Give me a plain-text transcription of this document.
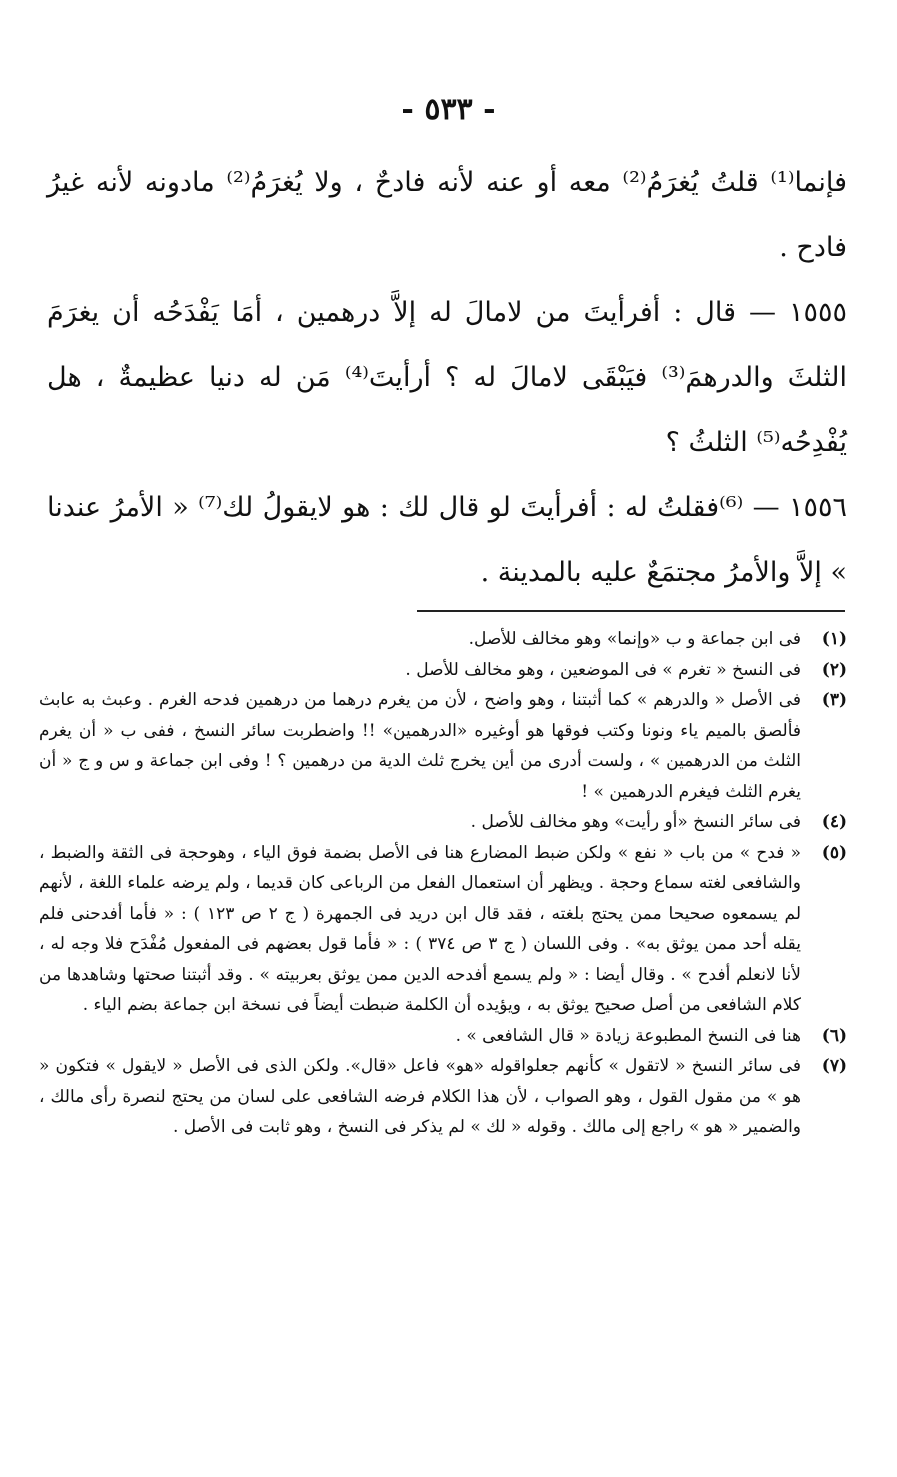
- ٥٣٣ -

فإنما⁽¹⁾ قلتُ يُغرَمُ⁽²⁾ معه أو عنه لأنه فادحٌ ، ولا يُغرَمُ⁽²⁾ مادونه لأنه غيرُ فادح .

١٥٥٥ — قال : أفرأيتَ من لامالَ له إلاَّ درهمين ، أمَا يَفْدَحُه أن يغرَمَ الثلثَ والدرهمَ⁽³⁾ فيَبْقَى لامالَ له ؟ أرأيتَ⁽⁴⁾ مَن له دنيا عظيمةٌ ، هل يُفْدِحُه⁽⁵⁾ الثلثُ ؟

١٥٥٦ — ⁽⁶⁾فقلتُ له : أفرأيتَ لو قال لك : هو لايقولُ لك⁽⁷⁾ « الأمرُ عندنا » إلاَّ والأمرُ مجتمَعٌ عليه بالمدينة .

(١)
فى ابن جماعة و ب «وإنما» وهو مخالف للأصل.
(٢)
فى النسخ « تغرم » فى الموضعين ، وهو مخالف للأصل .
(٣)
فى الأصل « والدرهم » كما أثبتنا ، وهو واضح ، لأن من يغرم درهما من درهمين فدحه الغرم . وعبث به عابث فألصق بالميم ياء ونونا وكتب فوقها هو أوغيره «الدرهمين» !! واضطربت سائر النسخ ، ففى ب « أن يغرم الثلث من الدرهمين » ، ولست أدرى من أين يخرج ثلث الدية من درهمين ؟ ! وفى ابن جماعة و س و ج « أن يغرم الثلث فيغرم الدرهمين » !
(٤)
فى سائر النسخ «أو رأيت» وهو مخالف للأصل .
(٥)
« فدح » من باب « نفع » ولكن ضبط المضارع هنا فى الأصل بضمة فوق الياء ، وهوحجة فى الثقة والضبط ، والشافعى لغته سماع وحجة . ويظهر أن استعمال الفعل من الرباعى كان قديما ، ولم يرضه علماء اللغة ، لأنهم لم يسمعوه صحيحا ممن يحتج بلغته ، فقد قال ابن دريد فى الجمهرة ( ج ٢ ص ١٢٣ ) : « فأما أفدحنى فلم يقله أحد ممن يوثق به» . وفى اللسان ( ج ٣ ص ٣٧٤ ) : « فأما قول بعضهم فى المفعول مُفْدَح فلا وجه له ، لأنا لانعلم أفدح » . وقال أيضا : « ولم يسمع أفدحه الدين ممن يوثق بعربيته » . وقد أثبتنا صحتها وشاهدها من كلام الشافعى من أصل صحيح يوثق به ، ويؤيده أن الكلمة ضبطت أيضاً فى نسخة ابن جماعة بضم الياء .
(٦)
هنا فى النسخ المطبوعة زيادة « قال الشافعى » .
(٧)
فى سائر النسخ « لاتقول » كأنهم جعلواقوله «هو» فاعل «قال». ولكن الذى فى الأصل « لايقول » فتكون « هو » من مقول القول ، وهو الصواب ، لأن هذا الكلام فرضه الشافعى على لسان من يحتج لنصرة رأى مالك ، والضمير « هو » راجع إلى مالك . وقوله « لك » لم يذكر فى النسخ ، وهو ثابت فى الأصل .
